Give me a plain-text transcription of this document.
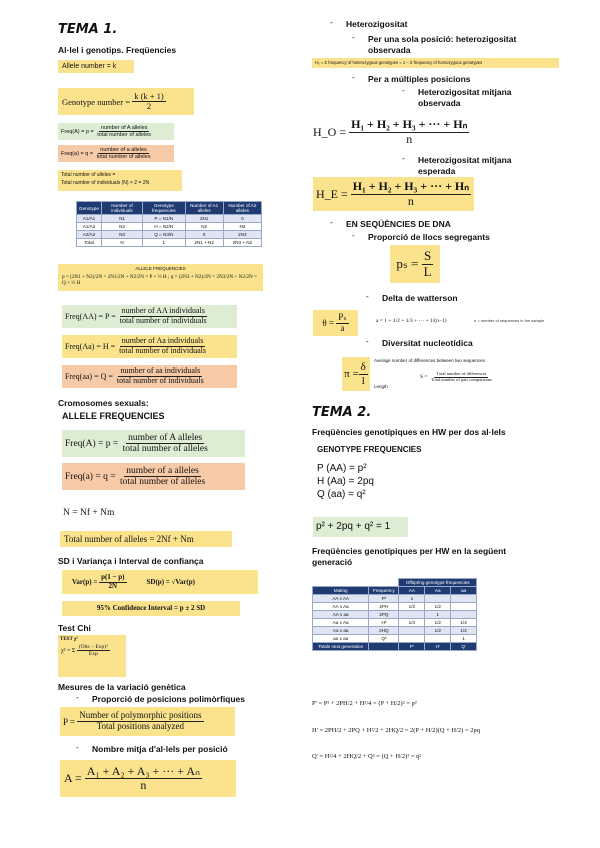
TEMA 1.
Al·lel i genotips. Freqüencies
Allele number = k
Genotype number =
$\frac{k (k + 1)}{2}$
Freq(A) = p =
$\frac{\text{number of A alleles}}{\text{total number of alleles}}$
Freq(a) = q =
$\frac{\text{number of a alleles}}{\text{total number of alleles}}$
Total number of alleles =
Total number of individuals (N) × 2 = 2N
Genotype	Number of individuals	Genotype frequencies	Number of A1 alleles	Number of A2 alleles
A1/A1	N1	P = N1/N	2N1	0
A1/A2	N2	H = N2/N	N2	N2
A2/A2	N3	Q = N3/N	0	2N3
Total	N	1	2N1 + N2	2N3 + N2
ALLELE FREQUENCIES
p = (2N1 + N2)/2N = 2N1/2N + N2/2N = P + ½ H ; q = (2N3 + N2)/2N = 2N3/2N + N2/2N = Q + ½ H
Freq(AA) = P =
$\frac{\text{number of AA individuals}}{\text{total number of individuals}}$
Freq(Aa) = H =
$\frac{\text{number of Aa individuals}}{\text{total number of individuals}}$
Freq(aa) = Q =
$\frac{\text{number of aa individuals}}{\text{total number of individuals}}$
Cromosomes sexuals:
ALLELE FREQUENCIES
Freq(A) = p =
$\frac{\text{number of A alleles}}{\text{total number of alleles}}$
Freq(a) = q =
$\frac{\text{number of a alleles}}{\text{total number of alleles}}$
N = Nf + Nm
Total number of alleles = 2Nf + Nm
SD i Variança i Interval de confiança
Var(p) =
$\frac{p(1 - p)}{2N}$	SD(p) = √Var(p)
95% Confidence Interval = p ± 2 SD
Test Chi
TEST χ²
χ² = Σ
$\frac{\text{(Obs − Exp)²}}{\text{Exp}}$
Mesures de la variació genètica
- Proporció de posicions polimòrfiques
P =
$\frac{\text{Number of polymorphic positions}}{\text{Total positions analyzed}}$
- Nombre mitja d'al·lels per posició
A =
$\frac{\text{A₁ + A₂ + A₃ + ··· + Aₙ}}{n}$
- Heterozigositat
- Per una sola posició: heterozigositat observada
H₀ = Σ frequency of heterozygous genotypes = 1 − Σ frequency of homozygous genotypes
- Per a múltiples posicions
- Heterozigositat mitjana observada
H_O =
$\frac{\text{H₁ + H₂ + H₃ + ··· + Hₙ}}{n}$
- Heterozigositat mitjana esperada
H_E =
$\frac{\text{H₁ + H₂ + H₃ + ··· + Hₙ}}{n}$
- EN SEQÜÈNCIES DE DNA
- Proporció de llocs segregants
pₛ =
$\frac{S}{L}$
- Delta de watterson
θ =
$\frac{\text{Pₛ}}{a}$	a = 1 + 1/2 + 1/3 + ··· + 1/(n−1)	n = number of sequences in the sample
- Diversitat nucleotídica
$\pi = \frac{\delta}{l}$
Average number of differences between two sequences
Length
S =
$\frac{\text{Total number of differences}}{\text{Total number of pair comparisons}}$
TEMA 2.
Freqüències genotípiques en HW per dos al·lels
GENOTYPE FREQUENCIES
P (AA) = p²
H (Aa) = 2pq
Q (aa) = q²
p² + 2pq + q² = 1
Freqüències genotípiques per HW en la següent generació
		Offspring genotype frequencies		
Mating	Frequency	AA	Aa	aa
AA x AA	P²	1		
AA x Aa	2PH	1/2	1/2	
AA x aa	2PQ		1	
Aa x Aa	H²	1/4	1/2	1/4
Aa x aa	2HQ		1/2	1/2
aa x aa	Q²			1
Totals next generation		P'	H'	Q'
P' = P² + 2PH/2 + H²/4 = (P + H/2)² = p²
H' = 2PH/2 + 2PQ + H²/2 + 2HQ/2 = 2(P + H/2)(Q + H/2) = 2pq
Q' = H²/4 + 2HQ/2 + Q² = (Q + H/2)² = q²
